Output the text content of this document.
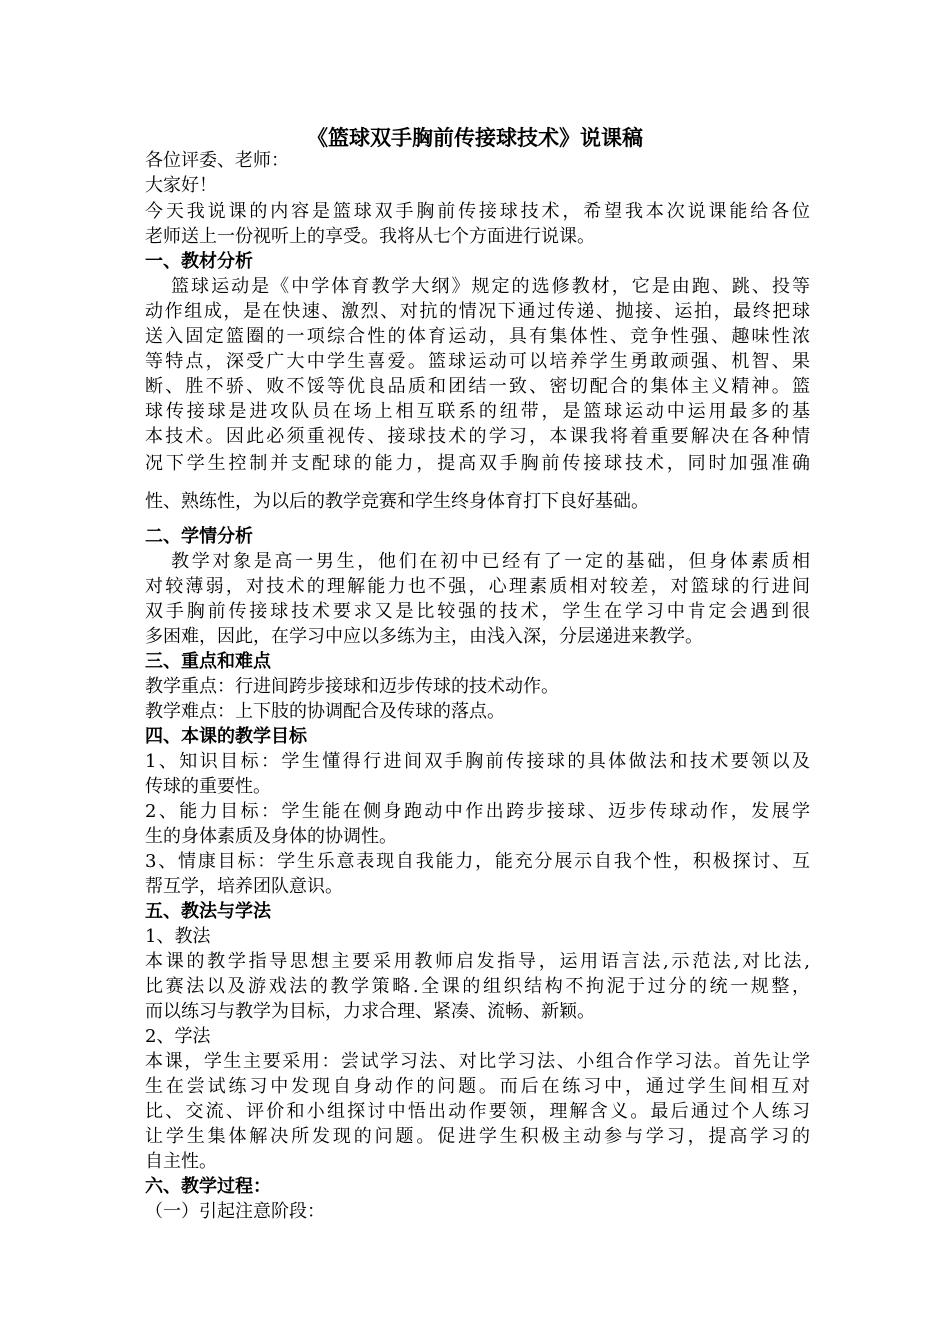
《篮球双手胸前传接球技术》说课稿
各位评委、老师：
大家好！
今天我说课的内容是篮球双手胸前传接球技术，希望我本次说课能给各位
老师送上一份视听上的享受。我将从七个方面进行说课。
一、教材分析
篮球运动是《中学体育教学大纲》规定的选修教材，它是由跑、跳、投等
动作组成，是在快速、激烈、对抗的情况下通过传递、抛接、运拍，最终把球
送入固定篮圈的一项综合性的体育运动，具有集体性、竞争性强、趣味性浓
等特点，深受广大中学生喜爱。篮球运动可以培养学生勇敢顽强、机智、果
断、胜不骄、败不馁等优良品质和团结一致、密切配合的集体主义精神。篮
球传接球是进攻队员在场上相互联系的纽带，是篮球运动中运用最多的基
本技术。因此必须重视传、接球技术的学习，本课我将着重要解决在各种情
况下学生控制并支配球的能力，提高双手胸前传接球技术，同时加强准确
性、熟练性，为以后的教学竞赛和学生终身体育打下良好基础。
二、学情分析
教学对象是高一男生，他们在初中已经有了一定的基础，但身体素质相
对较薄弱，对技术的理解能力也不强，心理素质相对较差，对篮球的行进间
双手胸前传接球技术要求又是比较强的技术，学生在学习中肯定会遇到很
多困难，因此，在学习中应以多练为主，由浅入深，分层递进来教学。
三、重点和难点
教学重点：行进间跨步接球和迈步传球的技术动作。
教学难点：上下肢的协调配合及传球的落点。
四、本课的教学目标
1、知识目标：学生懂得行进间双手胸前传接球的具体做法和技术要领以及
传球的重要性。
2、能力目标：学生能在侧身跑动中作出跨步接球、迈步传球动作，发展学
生的身体素质及身体的协调性。
3、情康目标：学生乐意表现自我能力，能充分展示自我个性，积极探讨、互
帮互学，培养团队意识。
五、教法与学法
1、教法
本课的教学指导思想主要采用教师启发指导，运用语言法,示范法,对比法,
比赛法以及游戏法的教学策略.全课的组织结构不拘泥于过分的统一规整，
而以练习与教学为目标，力求合理、紧凑、流畅、新颖。
2、学法
本课，学生主要采用：尝试学习法、对比学习法、小组合作学习法。首先让学
生在尝试练习中发现自身动作的问题。而后在练习中，通过学生间相互对
比、交流、评价和小组探讨中悟出动作要领，理解含义。最后通过个人练习
让学生集体解决所发现的问题。促进学生积极主动参与学习，提高学习的
自主性。
六、教学过程：
（一）引起注意阶段：
